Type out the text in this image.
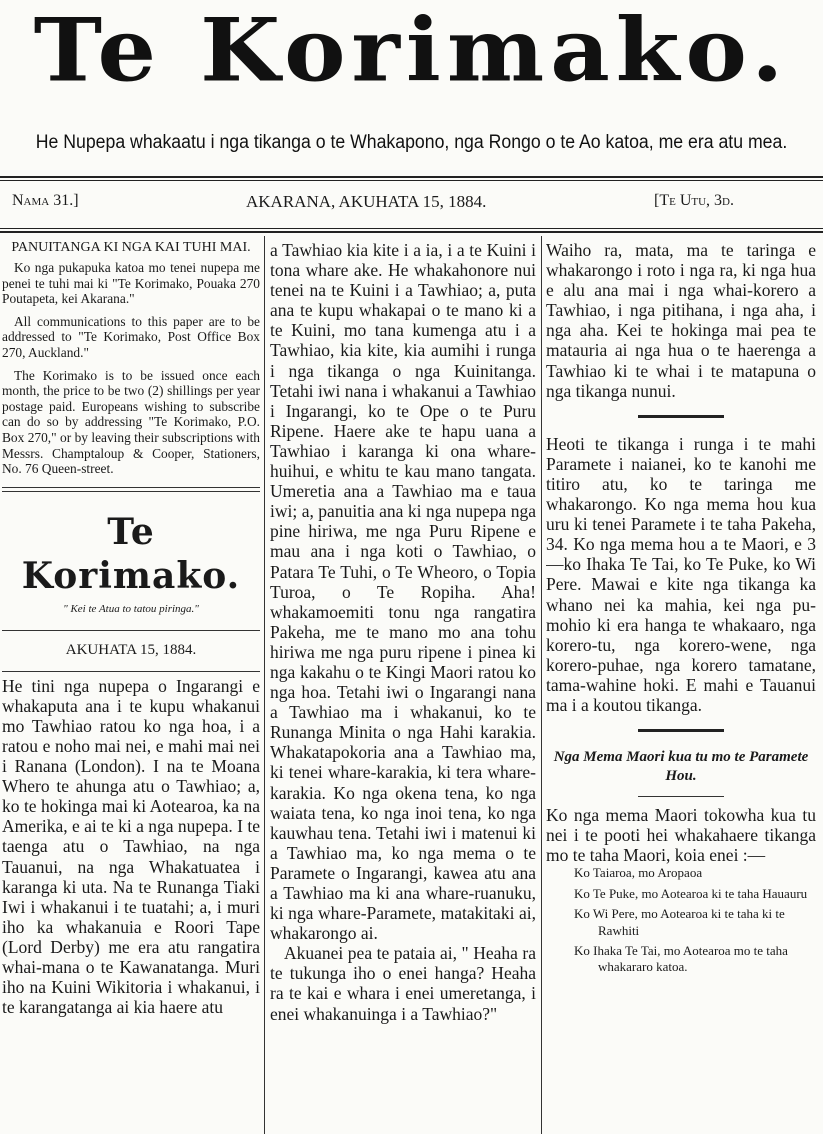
Te Korimako.
He Nupepa whakaatu i nga tikanga o te Whakapono, nga Rongo o te Ao katoa, me era atu mea.
Nama 31.]	AKARANA, AKUHATA 15, 1884.	[Te Utu, 3d.
PANUITANGA KI NGA KAI TUHI MAI.

Ko nga pukapuka katoa mo tenei nupepa me penei te tuhi mai ki "Te Korimako, Pouaka 270 Poutapeta, kei Akarana."

All communications to this paper are to be addressed to "Te Korimako, Post Office Box 270, Auckland."

The Korimako is to be issued once each month, the price to be two (2) shillings per year postage paid. Europeans wishing to subscribe can do so by addressing "Te Korimako, P.O. Box 270," or by leaving their subscriptions with Messrs. Champtaloup & Cooper, Stationers, No. 76 Queen-street.

Te Korimako.
" Kei te Atua to tatou piringa."
AKUHATA 15, 1884.

He tini nga nupepa o Ingarangi e whakaputa ana i te kupu whakanui mo Tawhiao ratou ko nga hoa, i a ratou e noho mai nei, e mahi mai nei i Ranana (London). I na te Moana Whero te ahunga atu o Tawhiao; a, ko te hokinga mai ki Aotearoa, ka na Amerika, e ai te ki a nga nupepa. I te taenga atu o Tawhiao, na nga Tauanui, na nga Whakatuatea i karanga ki uta. Na te Runanga Tiaki Iwi i whakanui i te tuatahi; a, i muri iho ka whakanuia e Roori Tape (Lord Derby) me era atu rangatira whai-mana o te Kawanatanga. Muri iho na Kuini Wikitoria i whakanui, i te karangatanga ai kia haere atu

a Tawhiao kia kite i a ia, i a te Kuini i tona whare ake. He whakahonore nui tenei na te Kuini i a Tawhiao; a, puta ana te kupu whakapai o te mano ki a te Kuini, mo tana kumenga atu i a Tawhiao, kia kite, kia aumihi i runga i nga tikanga o nga Kuinitanga. Tetahi iwi nana i whakanui a Tawhiao i Ingarangi, ko te Ope o te Puru Ripene. Haere ake te hapu uana a Tawhiao i karanga ki ona whare-huihui, e whitu te kau mano tangata. Umeretia ana a Tawhiao ma e taua iwi; a, panuitia ana ki nga nupepa nga pine hiriwa, me nga Puru Ripene e mau ana i nga koti o Tawhiao, o Patara Te Tuhi, o Te Wheoro, o Topia Turoa, o Te Ropiha. Aha! whakamoemiti tonu nga rangatira Pakeha, me te mano mo ana tohu hiriwa me nga puru ripene i pinea ki nga kakahu o te Kingi Maori ratou ko nga hoa. Tetahi iwi o Ingarangi nana a Tawhiao ma i whakanui, ko te Runanga Minita o nga Hahi karakia. Whakatapokoria ana a Tawhiao ma, ki tenei whare-karakia, ki tera whare-karakia. Ko nga okena tena, ko nga waiata tena, ko nga inoi tena, ko nga kauwhau tena. Tetahi iwi i matenui ki a Tawhiao ma, ko nga mema o te Paramete o Ingarangi, kawea atu ana a Tawhiao ma ki ana whare-ruanuku, ki nga whare-Paramete, matakitaki ai, whakarongo ai.

Akuanei pea te pataia ai, " Heaha ra te tukunga iho o enei hanga? Heaha ra te kai e whara i enei umeretanga, i enei whakanuinga i a Tawhiao?"

Waiho ra, mata, ma te taringa e whakarongo i roto i nga ra, ki nga hua e alu ana mai i nga whai-korero a Tawhiao, i nga pitihana, i nga aha, i nga aha. Kei te hokinga mai pea te matauria ai nga hua o te haerenga a Tawhiao ki te whai i te matapuna o nga tikanga nunui.

Heoti te tikanga i runga i te mahi Paramete i naianei, ko te kanohi me titiro atu, ko te taringa me whakarongo. Ko nga mema hou kua uru ki tenei Paramete i te taha Pakeha, 34. Ko nga mema hou a te Maori, e 3—ko Ihaka Te Tai, ko Te Puke, ko Wi Pere. Mawai e kite nga tikanga ka whano nei ka mahia, kei nga pu-mohio ki era hanga te whakaaro, nga korero-tu, nga korero-wene, nga korero-puhae, nga korero tamatane, tama-wahine hoki. E mahi e Tauanui ma i a koutou tikanga.

Nga Mema Maori kua tu mo te Paramete Hou.

Ko nga mema Maori tokowha kua tu nei i te pooti hei whakahaere tikanga mo te taha Maori, koia enei :—

Ko Taiaroa, mo Aropaoa

Ko Te Puke, mo Aotearoa ki te taha Hauauru

Ko Wi Pere, mo Aotearoa ki te taha ki te Rawhiti

Ko Ihaka Te Tai, mo Aotearoa mo te taha whakararo katoa.
